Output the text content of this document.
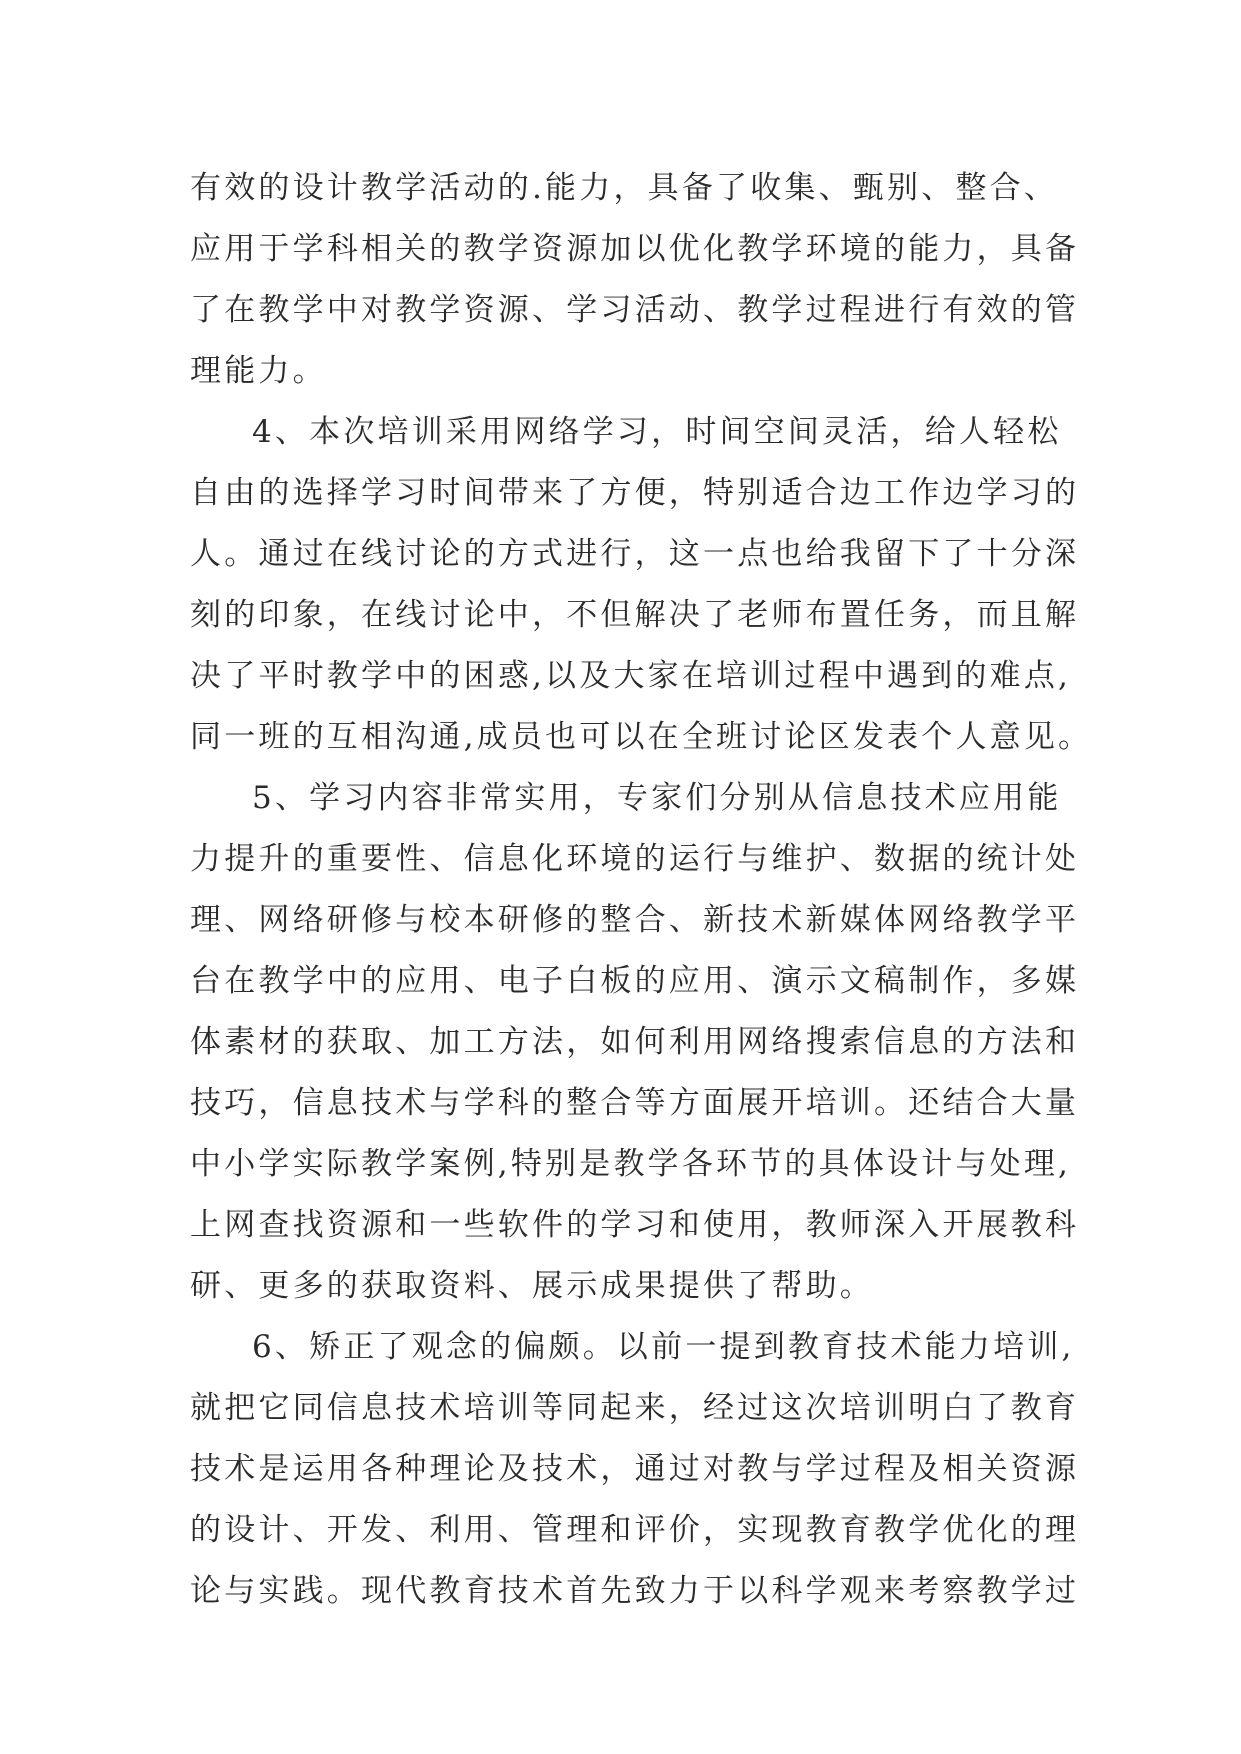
有效的设计教学活动的.能力，具备了收集、甄别、整合、
应用于学科相关的教学资源加以优化教学环境的能力，具备
了在教学中对教学资源、学习活动、教学过程进行有效的管
理能力。
4、本次培训采用网络学习，时间空间灵活，给人轻松
自由的选择学习时间带来了方便，特别适合边工作边学习的
人。通过在线讨论的方式进行，这一点也给我留下了十分深
刻的印象，在线讨论中，不但解决了老师布置任务，而且解
决了平时教学中的困惑,以及大家在培训过程中遇到的难点,
同一班的互相沟通,成员也可以在全班讨论区发表个人意见。
5、学习内容非常实用，专家们分别从信息技术应用能
力提升的重要性、信息化环境的运行与维护、数据的统计处
理、网络研修与校本研修的整合、新技术新媒体网络教学平
台在教学中的应用、电子白板的应用、演示文稿制作，多媒
体素材的获取、加工方法，如何利用网络搜索信息的方法和
技巧，信息技术与学科的整合等方面展开培训。还结合大量
中小学实际教学案例,特别是教学各环节的具体设计与处理,
上网查找资源和一些软件的学习和使用，教师深入开展教科
研、更多的获取资料、展示成果提供了帮助。
6、矫正了观念的偏颇。以前一提到教育技术能力培训,
就把它同信息技术培训等同起来，经过这次培训明白了教育
技术是运用各种理论及技术，通过对教与学过程及相关资源
的设计、开发、利用、管理和评价，实现教育教学优化的理
论与实践。现代教育技术首先致力于以科学观来考察教学过
